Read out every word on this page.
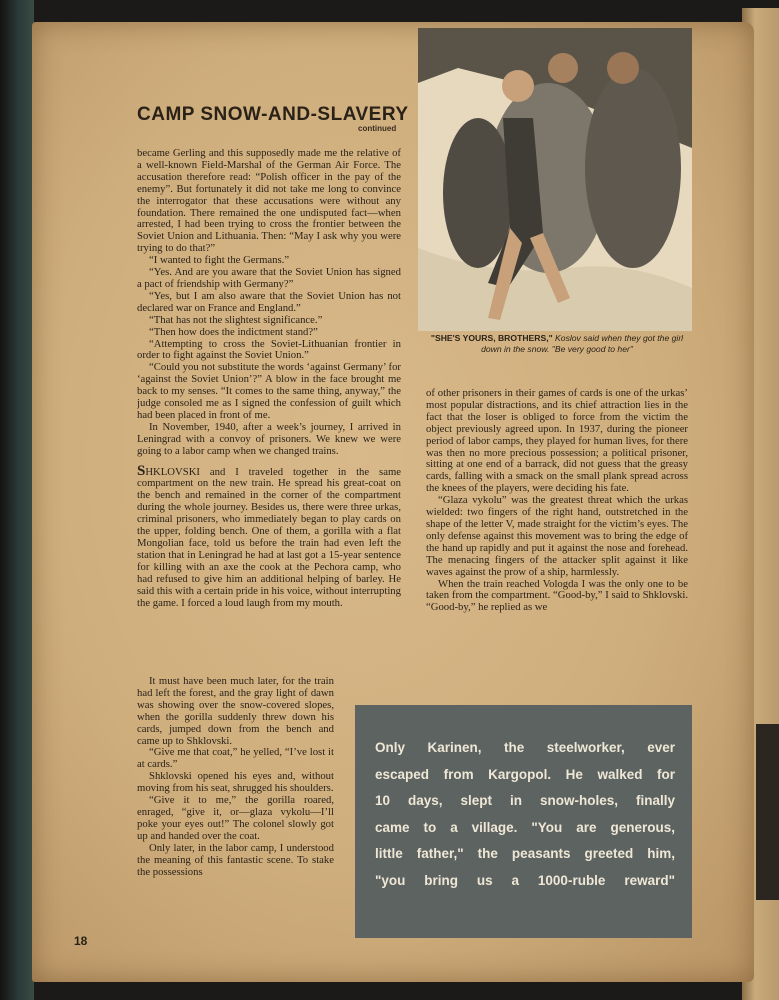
CAMP SNOW-AND-SLAVERY
continued

became Gerling and this supposedly made me the relative of a well-known Field-Marshal of the German Air Force. The accusation therefore read: “Polish officer in the pay of the enemy”. But fortunately it did not take me long to convince the interrogator that these accusations were without any foundation. There remained the one undisputed fact—when arrested, I had been trying to cross the frontier between the Soviet Union and Lithuania. Then: “May I ask why you were trying to do that?”

“I wanted to fight the Germans.”

“Yes. And are you aware that the Soviet Union has signed a pact of friendship with Germany?”

“Yes, but I am also aware that the Soviet Union has not declared war on France and England.”

“That has not the slightest significance.”

“Then how does the indictment stand?”

“Attempting to cross the Soviet-Lithuanian frontier in order to fight against the Soviet Union.”

“Could you not substitute the words ‘against Germany’ for ‘against the Soviet Union’?” A blow in the face brought me back to my senses. “It comes to the same thing, anyway,” the judge consoled me as I signed the confession of guilt which had been placed in front of me.

In November, 1940, after a week’s journey, I arrived in Leningrad with a convoy of prisoners. We knew we were going to a labor camp when we changed trains.

SHKLOVSKI and I traveled together in the same compartment on the new train. He spread his great-coat on the bench and remained in the corner of the compartment during the whole journey. Besides us, there were three urkas, criminal prisoners, who immediately began to play cards on the upper, folding bench. One of them, a gorilla with a flat Mongolian face, told us before the train had even left the station that in Leningrad he had at last got a 15-year sentence for killing with an axe the cook at the Pechora camp, who had refused to give him an additional helping of barley. He said this with a certain pride in his voice, without interrupting the game. I forced a loud laugh from my mouth.

It must have been much later, for the train had left the forest, and the gray light of dawn was showing over the snow-covered slopes, when the gorilla suddenly threw down his cards, jumped down from the bench and came up to Shklovski.

“Give me that coat,” he yelled, “I’ve lost it at cards.”

Shklovski opened his eyes and, without moving from his seat, shrugged his shoulders.

“Give it to me,” the gorilla roared, enraged, “give it, or—glaza vykolu—I’ll poke your eyes out!” The colonel slowly got up and handed over the coat.

Only later, in the labor camp, I understood the meaning of this fantastic scene. To stake the possessions

of other prisoners in their games of cards is one of the urkas’ most popular distractions, and its chief attraction lies in the fact that the loser is obliged to force from the victim the object previously agreed upon. In 1937, during the pioneer period of labor camps, they played for human lives, for there was then no more precious possession; a political prisoner, sitting at one end of a barrack, did not guess that the greasy cards, falling with a smack on the small plank spread across the knees of the players, were deciding his fate.

“Glaza vykolu” was the greatest threat which the urkas wielded: two fingers of the right hand, outstretched in the shape of the letter V, made straight for the victim’s eyes. The only defense against this movement was to bring the edge of the hand up rapidly and put it against the nose and forehead. The menacing fingers of the attacker split against it like waves against the prow of a ship, harmlessly.

When the train reached Vologda I was the only one to be taken from the compartment. “Good-by,” I said to Shklovski. “Good-by,” he replied as we

"SHE'S YOURS, BROTHERS," Koslov said when they got the girl down in the snow. "Be very good to her"
Only Karinen, the steelworker, ever
escaped from Kargopol. He walked for
10 days, slept in snow-holes, finally
came to a village. "You are generous,
little father," the peasants greeted him,
"you bring us a 1000-ruble reward"
18
